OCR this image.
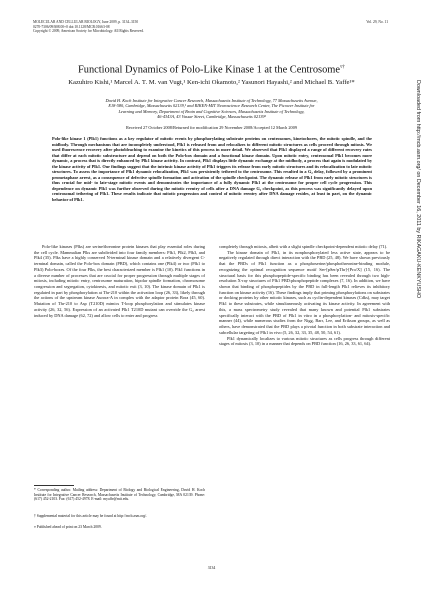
MOLECULAR AND CELLULAR BIOLOGY, June 2009, p. 3134–3150
0270-7306/09/$08.00+0 doi:10.1128/MCB.01663-08
Copyright © 2009, American Society for Microbiology. All Rights Reserved.
Vol. 29, No. 11
Functional Dynamics of Polo-Like Kinase 1 at the Centrosome▿†
Kazuhiro Kishi,¹ Marcel A. T. M. van Vugt,¹ Ken-ichi Okamoto,² Yasunori Hayashi,² and Michael B. Yaffe¹*
David H. Koch Institute for Integrative Cancer Research, Massachusetts Institute of Technology, 77 Massachusetts Avenue,
E18-580, Cambridge, Massachusetts 02139,¹ and RIKEN-MIT Neuroscience Research Center, The Picower Institute for
Learning and Memory, Department of Brain and Cognitive Sciences, Massachusetts Institute of Technology,
46-4343A, 43 Vassar Street, Cambridge, Massachusetts 02139²
Received 27 October 2008/Returned for modification 29 November 2008/Accepted 12 March 2009

Polo-like kinase 1 (Plk1) functions as a key regulator of mitotic events by phosphorylating substrate proteins on centrosomes, kinetochores, the mitotic spindle, and the midbody. Through mechanisms that are incompletely understood, Plk1 is released from and relocalizes to different mitotic structures as cells proceed through mitosis. We used fluorescence recovery after photobleaching to examine the kinetics of this process in more detail. We observed that Plk1 displayed a range of different recovery rates that differ at each mitotic substructure and depend on both the Polo-box domain and a functional kinase domain. Upon mitotic entry, centrosomal Plk1 becomes more dynamic, a process that is directly enhanced by Plk1 kinase activity. In contrast, Plk1 displays little dynamic exchange at the midbody, a process that again is modulated by the kinase activity of Plk1. Our findings suggest that the intrinsic kinase activity of Plk1 triggers its release from early mitotic structures and its relocalization to late mitotic structures. To assess the importance of Plk1 dynamic relocalization, Plk1 was persistently tethered to the centrosome. This resulted in a G₂ delay, followed by a prominent prometaphase arrest, as a consequence of defective spindle formation and activation of the spindle checkpoint. The dynamic release of Plk1 from early mitotic structures is thus crucial for mid- to late-stage mitotic events and demonstrates the importance of a fully dynamic Plk1 at the centrosome for proper cell cycle progression. This dependence on dynamic Plk1 was further observed during the mitotic reentry of cells after a DNA damage G₂ checkpoint, as this process was significantly delayed upon centrosomal tethering of Plk1. These results indicate that mitotic progression and control of mitotic reentry after DNA damage resides, at least in part, on the dynamic behavior of Plk1.

Polo-like kinases (Plks) are serine/threonine protein kinases that play essential roles during the cell cycle. Mammalian Plks are subdivided into four family members: Plk1, Plk2, Plk3, and Plk4 (35). Plks have a highly conserved N-terminal kinase domain and a relatively divergent C-terminal domain, called the Polo-box domain (PBD), which contains one (Plk4) or two (Plk1 to Plk3) Polo-boxes. Of the four Plks, the best characterized member is Plk1 (10). Plk1 functions in a diverse number of processes that are crucial for proper progression through multiple stages of mitosis, including mitotic entry, centrosome maturation, bipolar spindle formation, chromosome congression and segregation, cytokinesis, and mitotic exit (3, 10). The kinase domain of Plk1 is regulated in part by phosphorylation at Thr-210 within the activation loop (26, 33), likely through the actions of the upstream kinase Aurora-A in complex with the adaptor protein Bora (45, 60). Mutation of Thr-210 to Asp (T210D) mimics T-loop phosphorylation and stimulates kinase activity (26, 32, 56). Expression of an activated Plk1 T210D mutant can override the G₂ arrest induced by DNA damage (62, 72) and allow cells to enter and progress

completely through mitosis, albeit with a slight spindle checkpoint-dependent mitotic delay (71).

The kinase domain of Plk1, in its nonphosphorylated less active state, appears to be negatively regulated through direct interaction with the PBD (25, 48). We have shown previously that the PBDs of Plk1 function as a phosphoserine/phosphothreonine-binding module, recognizing the optimal recognition sequence motif Ser-[pSer/pThr]-[Pro/X] (15, 16). The structural basis for this phosphopeptide-specific binding has been revealed through two high-resolution X-ray structures of Plk1 PBD:phosphopeptide complexes (7, 16). In addition, we have shown that binding of phosphopeptides by the PBD in full-length Plk1 relieves its inhibitory function on kinase activity (16). These findings imply that priming phosphorylations on substrates or docking proteins by other mitotic kinases, such as cyclin-dependent kinases (Cdks), may target Plk1 to these substrates, while simultaneously activating its kinase activity. In agreement with this, a mass spectrometry study revealed that many known and potential Plk1 substrates specifically interact with the PBD of Plk1 in vitro in a phosphorylation- and mitosis-specific manner (44), while numerous studies from the Nigg, Barr, Lee, and Erikson groups, as well as others, have demonstrated that the PBD plays a pivotal function in both substrate interaction and subcellular targeting of Plk1 in vivo (5, 26, 32, 33, 35, 48, 50, 54, 61).

Plk1 dynamically localizes to various mitotic structures as cells progress through different stages of mitosis (3, 10) in a manner that depends on PBD function (16, 26, 33, 61, 64).

* Corresponding author. Mailing address: Department of Biology and Biological Engineering, David H. Koch Institute for Integrative Cancer Research, Massachusetts Institute of Technology, Cambridge, MA 02139. Phone: (617) 452-2103. Fax: (617) 452-4978. E-mail: myaffe@mit.edu.

† Supplemental material for this article may be found at http://mcb.asm.org/.

▿ Published ahead of print on 23 March 2009.

3134
Downloaded from http://mcb.asm.org/ on December 16, 2011 by RIKAGAKU-KENKYUSHO
